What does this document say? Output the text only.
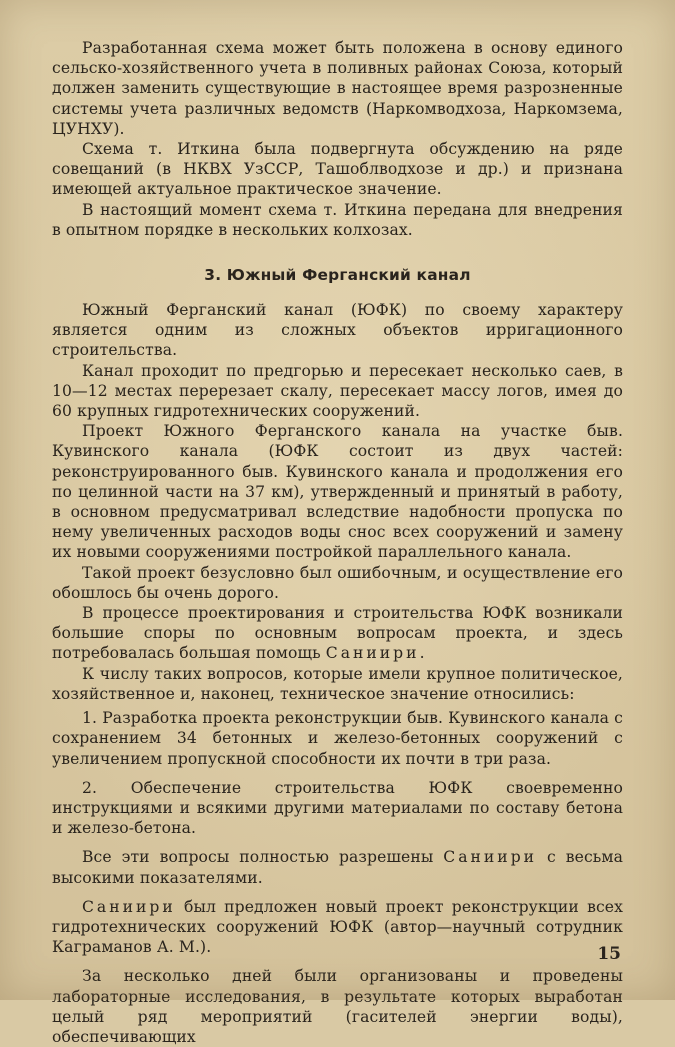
Разработанная схема может быть положена в основу единого сельско-хозяйственного учета в поливных районах Союза, который должен заменить существующие в настоящее время разрозненные системы учета различных ведомств (Наркомводхоза, Наркомзема, ЦУНХУ).

Схема т. Иткина была подвергнута обсуждению на ряде совещаний (в НКВХ УзССР, Ташоблводхозе и др.) и признана имеющей актуальное практическое значение.

В настоящий момент схема т. Иткина передана для внедрения в опытном порядке в нескольких колхозах.

3. Южный Ферганский канал

Южный Ферганский канал (ЮФК) по своему характеру является одним из сложных объектов ирригационного строительства.

Канал проходит по предгорью и пересекает несколько саев, в 10—12 местах перерезает скалу, пересекает массу логов, имея до 60 крупных гидротехнических сооружений.

Проект Южного Ферганского канала на участке быв. Кувинского канала (ЮФК состоит из двух частей: реконструированного быв. Кувинского канала и продолжения его по целинной части на 37 км), утвержденный и принятый в работу, в основном предусматривал вследствие надобности пропуска по нему увеличенных расходов воды снос всех сооружений и замену их новыми сооружениями постройкой параллельного канала.

Такой проект безусловно был ошибочным, и осуществление его обошлось бы очень дорого.

В процессе проектирования и строительства ЮФК возникали большие споры по основным вопросам проекта, и здесь потребовалась большая помощь Саниири.

К числу таких вопросов, которые имели крупное политическое, хозяйственное и, наконец, техническое значение относились:

1. Разработка проекта реконструкции быв. Кувинского канала с сохранением 34 бетонных и железо-бетонных сооружений с увеличением пропускной способности их почти в три раза.

2. Обеспечение строительства ЮФК своевременно инструкциями и всякими другими материалами по составу бетона и железо-бетона.

Все эти вопросы полностью разрешены Саниири с весьма высокими показателями.

Саниири был предложен новый проект реконструкции всех гидротехнических сооружений ЮФК (автор—научный сотрудник Каграманов А. М.).

За несколько дней были организованы и проведены лабораторные исследования, в результате которых выработан целый ряд мероприятий (гасителей энергии воды), обеспечивающих

15
